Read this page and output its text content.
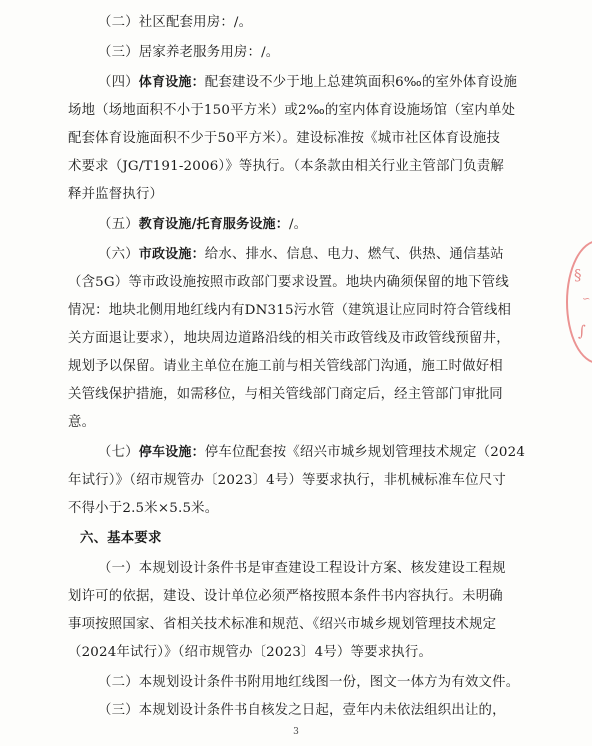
（二）社区配套用房：/。
（三）居家养老服务用房：/。
（四）体育设施：配套建设不少于地上总建筑面积6‰的室外体育设施
场地（场地面积不小于150平方米）或2‰的室内体育设施场馆（室内单处
配套体育设施面积不少于50平方米）。建设标准按《城市社区体育设施技
术要求（JG/T191-2006）》等执行。（本条款由相关行业主管部门负责解
释并监督执行）
（五）教育设施/托育服务设施：/。
（六）市政设施：给水、排水、信息、电力、燃气、供热、通信基站
（含5G）等市政设施按照市政部门要求设置。地块内确须保留的地下管线
情况：地块北侧用地红线内有DN315污水管（建筑退让应同时符合管线相
关方面退让要求），地块周边道路沿线的相关市政管线及市政管线预留井，
规划予以保留。请业主单位在施工前与相关管线部门沟通，施工时做好相
关管线保护措施，如需移位，与相关管线部门商定后，经主管部门审批同
意。
（七）停车设施：停车位配套按《绍兴市城乡规划管理技术规定（2024
年试行）》（绍市规管办〔2023〕4号）等要求执行，非机械标准车位尺寸
不得小于2.5米×5.5米。
六、基本要求
（一）本规划设计条件书是审查建设工程设计方案、核发建设工程规
划许可的依据，建设、设计单位必须严格按照本条件书内容执行。未明确
事项按照国家、省相关技术标准和规范、《绍兴市城乡规划管理技术规定
（2024年试行）》（绍市规管办〔2023〕4号）等要求执行。
（二）本规划设计条件书附用地红线图一份，图文一体方为有效文件。
（三）本规划设计条件书自核发之日起，壹年内未依法组织出让的，
3
§
∽
∫
